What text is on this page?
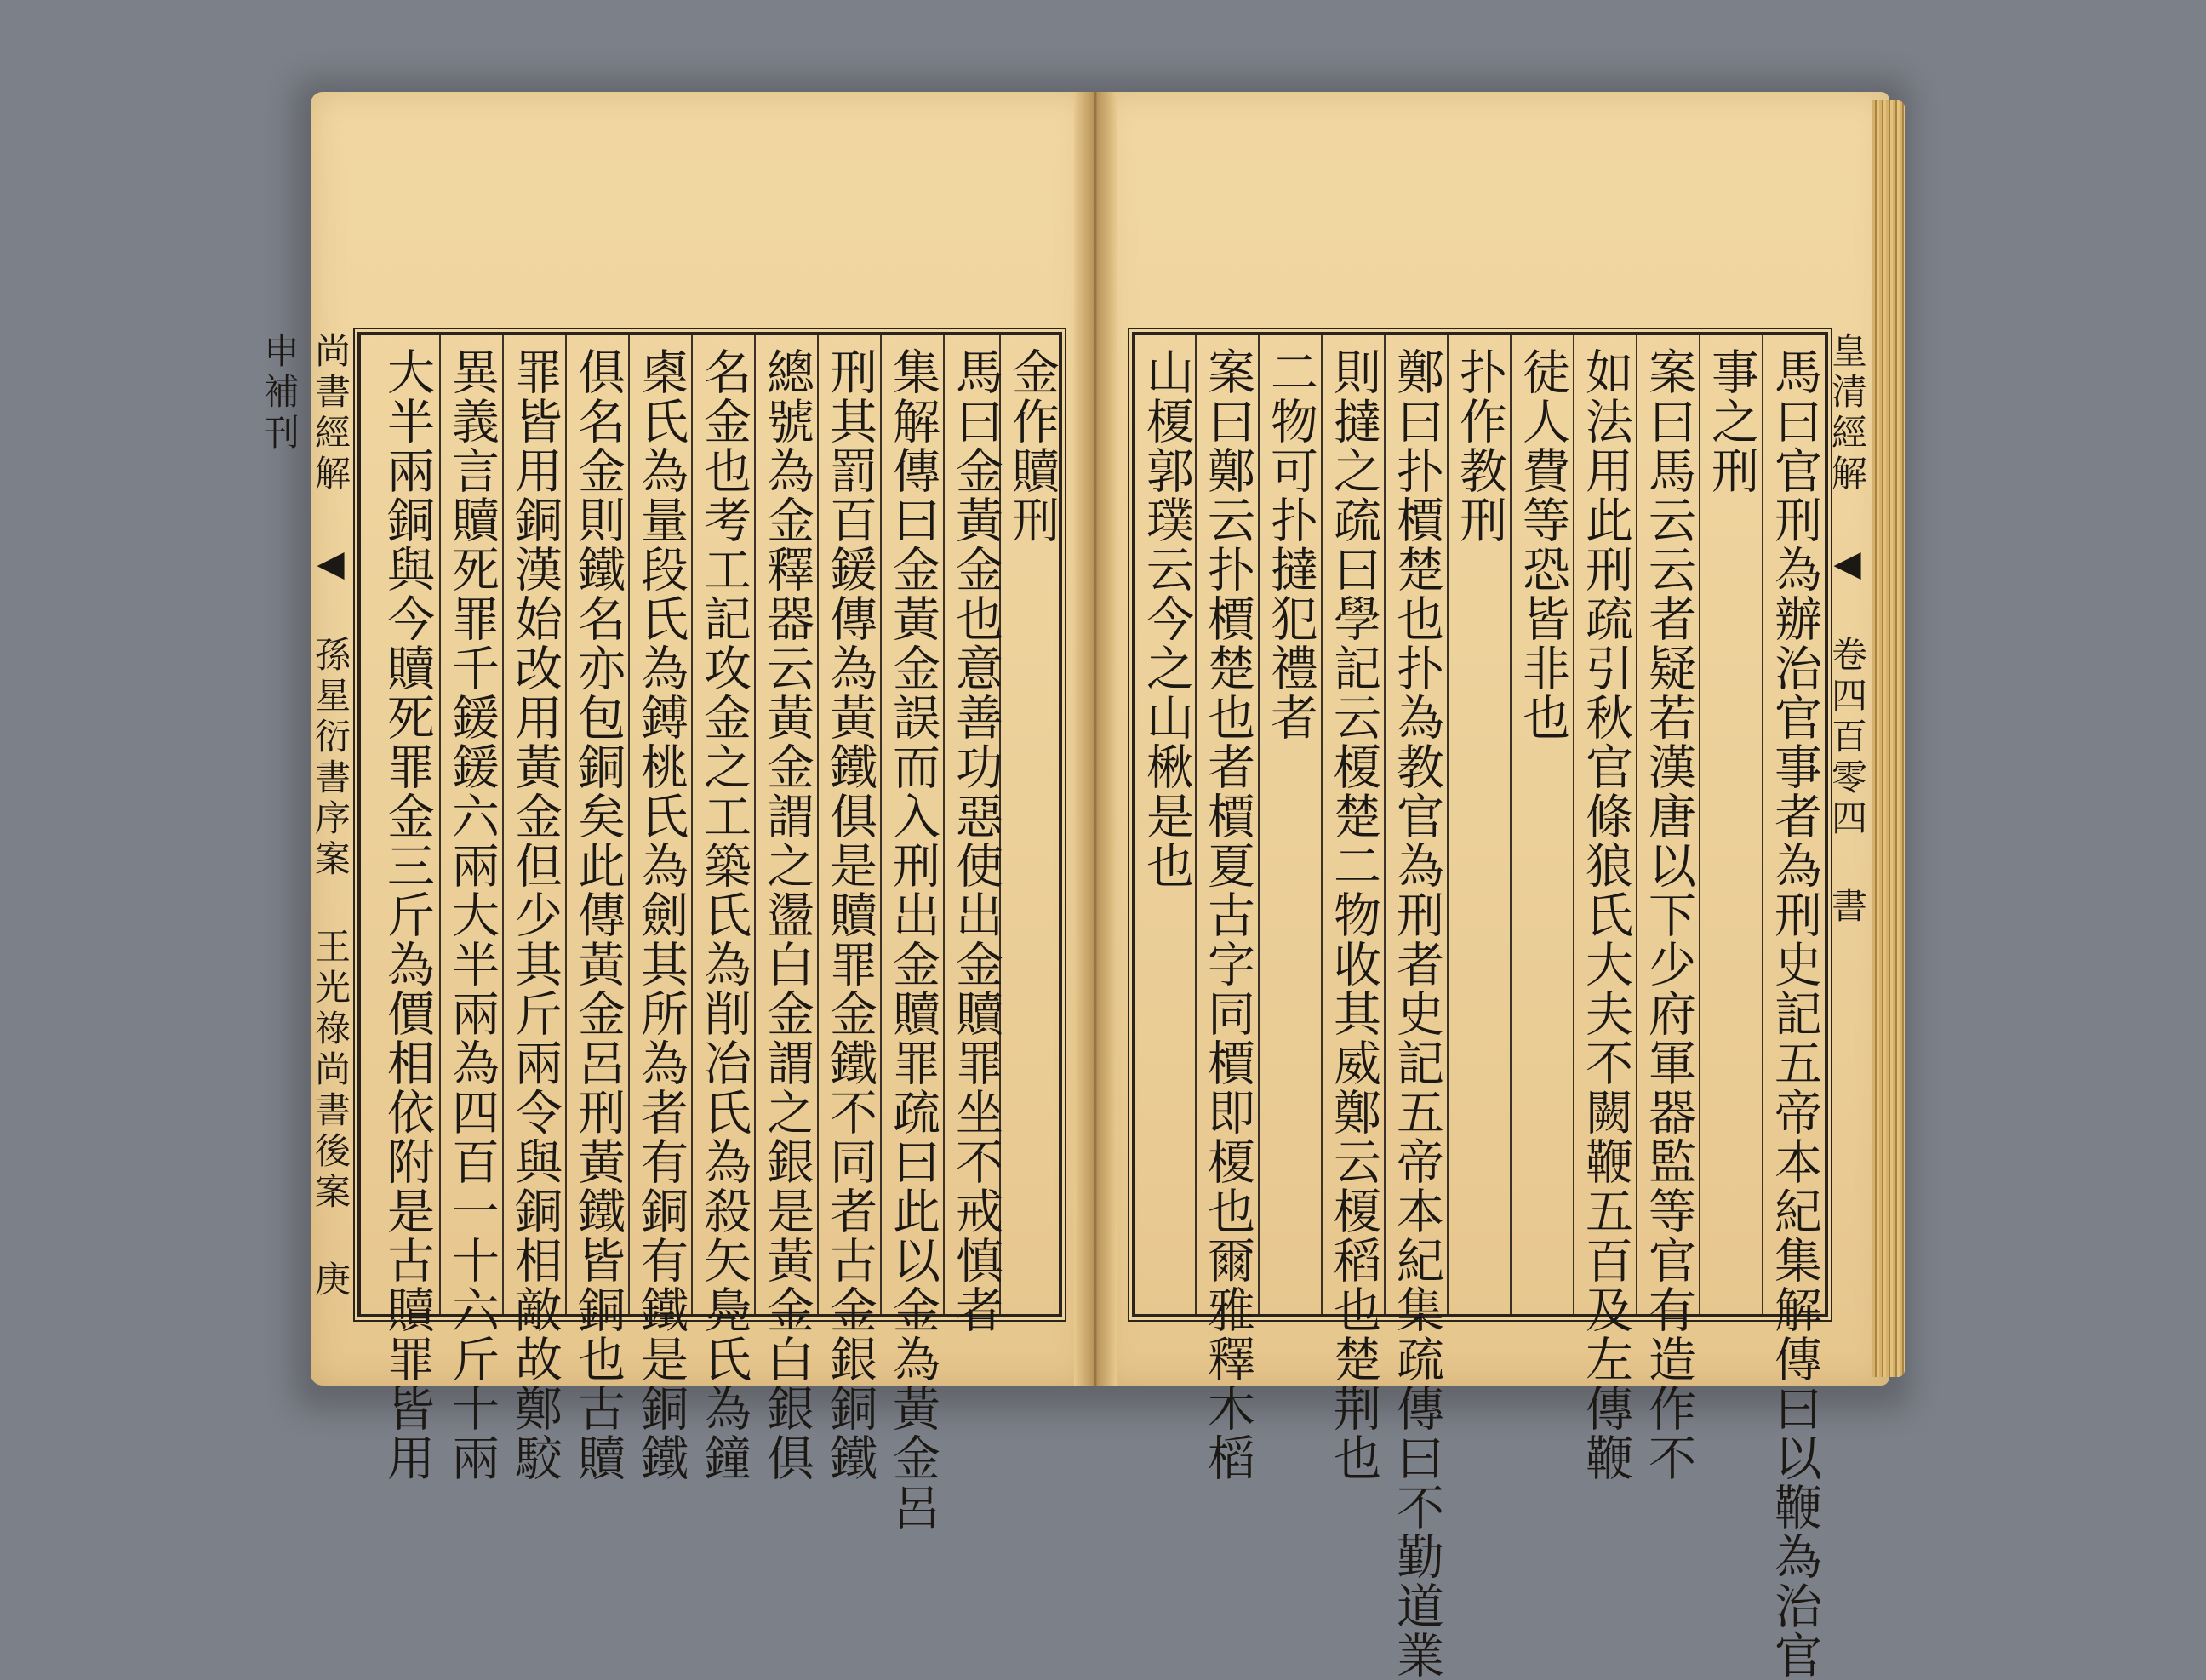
金作贖刑
馬曰金黃金也意善功惡使出金贖罪坐不戒慎者
集解傳曰金黃金誤而入刑出金贖罪疏曰此以金為黃金呂
刑其罰百鍰傳為黃鐵俱是贖罪金鐵不同者古金銀銅鐵
總號為金釋器云黃金謂之盪白金謂之銀是黃金白銀俱
名金也考工記攻金之工築氏為削冶氏為殺矢鳧氏為鐘
㮚氏為量段氏為鎛桃氏為劍其所為者有銅有鐵是銅鐵
俱名金則鐵名亦包銅矣此傳黃金呂刑黃鐵皆銅也古贖
罪皆用銅漢始改用黃金但少其斤兩令與銅相敵故鄭駮
異義言贖死罪千鍰鍰六兩大半兩為四百一十六斤十兩
大半兩銅與今贖死罪金三斤為價相依附是古贖罪皆用
尚書經解 ◀ 孫星衍書序案 王光祿尚書後案 庚申補刊	馬曰官刑為辦治官事者為刑史記五帝本紀集解傳曰以鞭為治官
事之刑
案曰馬云云者疑若漢唐以下少府軍器監等官有造作不
如法用此刑疏引秋官條狼氏大夫不闕鞭五百及左傳鞭
徒人費等恐皆非也
扑作教刑
鄭曰扑檟楚也扑為教官為刑者史記五帝本紀集疏傳曰不勤道業
則撻之疏曰學記云榎楚二物收其威鄭云榎稻也楚荆也
二物可扑撻犯禮者
案曰鄭云扑檟楚也者檟夏古字同檟即榎也爾雅釋木槄
山榎郭璞云今之山楸是也	皇清經解 ◀ 卷四百零四 書
